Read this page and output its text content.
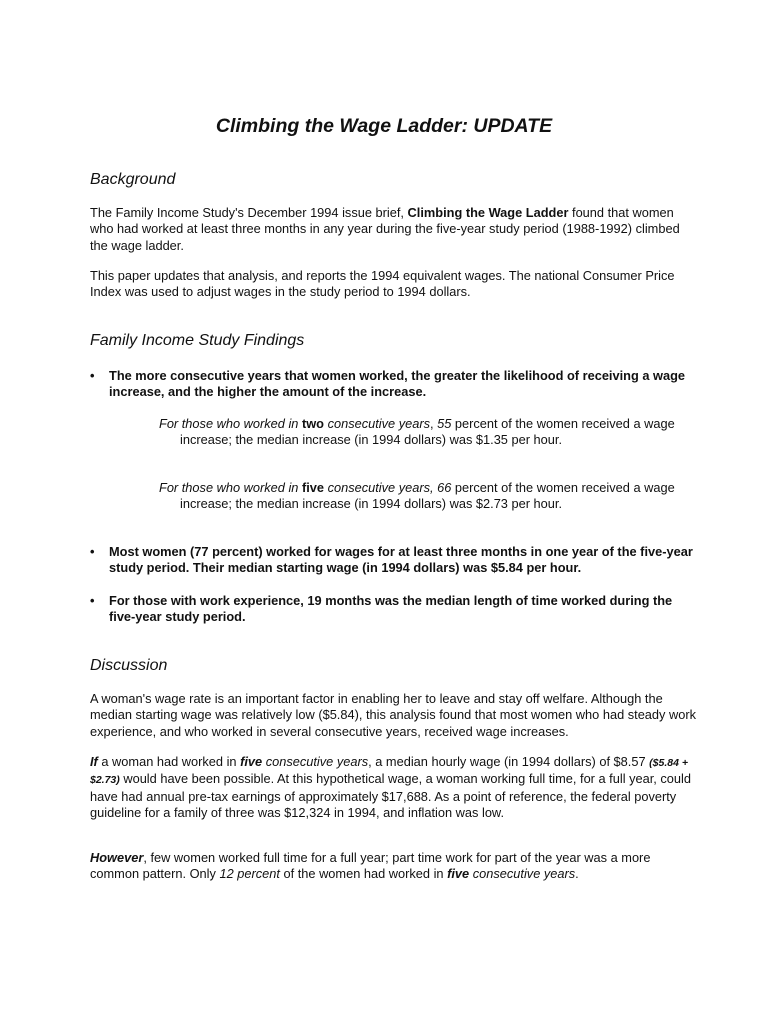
Climbing the Wage Ladder: UPDATE
Background
The Family Income Study's December 1994 issue brief, Climbing the Wage Ladder found that women who had worked at least three months in any year during the five-year study period (1988-1992) climbed the wage ladder.
This paper updates that analysis, and reports the 1994 equivalent wages. The national Consumer Price Index was used to adjust wages in the study period to 1994 dollars.
Family Income Study Findings
• The more consecutive years that women worked, the greater the likelihood of receiving a wage increase, and the higher the amount of the increase.
For those who worked in two consecutive years, 55 percent of the women received a wage increase; the median increase (in 1994 dollars) was $1.35 per hour.
For those who worked in five consecutive years, 66 percent of the women received a wage increase; the median increase (in 1994 dollars) was $2.73 per hour.
• Most women (77 percent) worked for wages for at least three months in one year of the five-year study period. Their median starting wage (in 1994 dollars) was $5.84 per hour.
• For those with work experience, 19 months was the median length of time worked during the five-year study period.
Discussion
A woman's wage rate is an important factor in enabling her to leave and stay off welfare. Although the median starting wage was relatively low ($5.84), this analysis found that most women who had steady work experience, and who worked in several consecutive years, received wage increases.
If a woman had worked in five consecutive years, a median hourly wage (in 1994 dollars) of $8.57 ($5.84 + $2.73) would have been possible. At this hypothetical wage, a woman working full time, for a full year, could have had annual pre-tax earnings of approximately $17,688. As a point of reference, the federal poverty guideline for a family of three was $12,324 in 1994, and inflation was low.
However, few women worked full time for a full year; part time work for part of the year was a more common pattern. Only 12 percent of the women had worked in five consecutive years.
